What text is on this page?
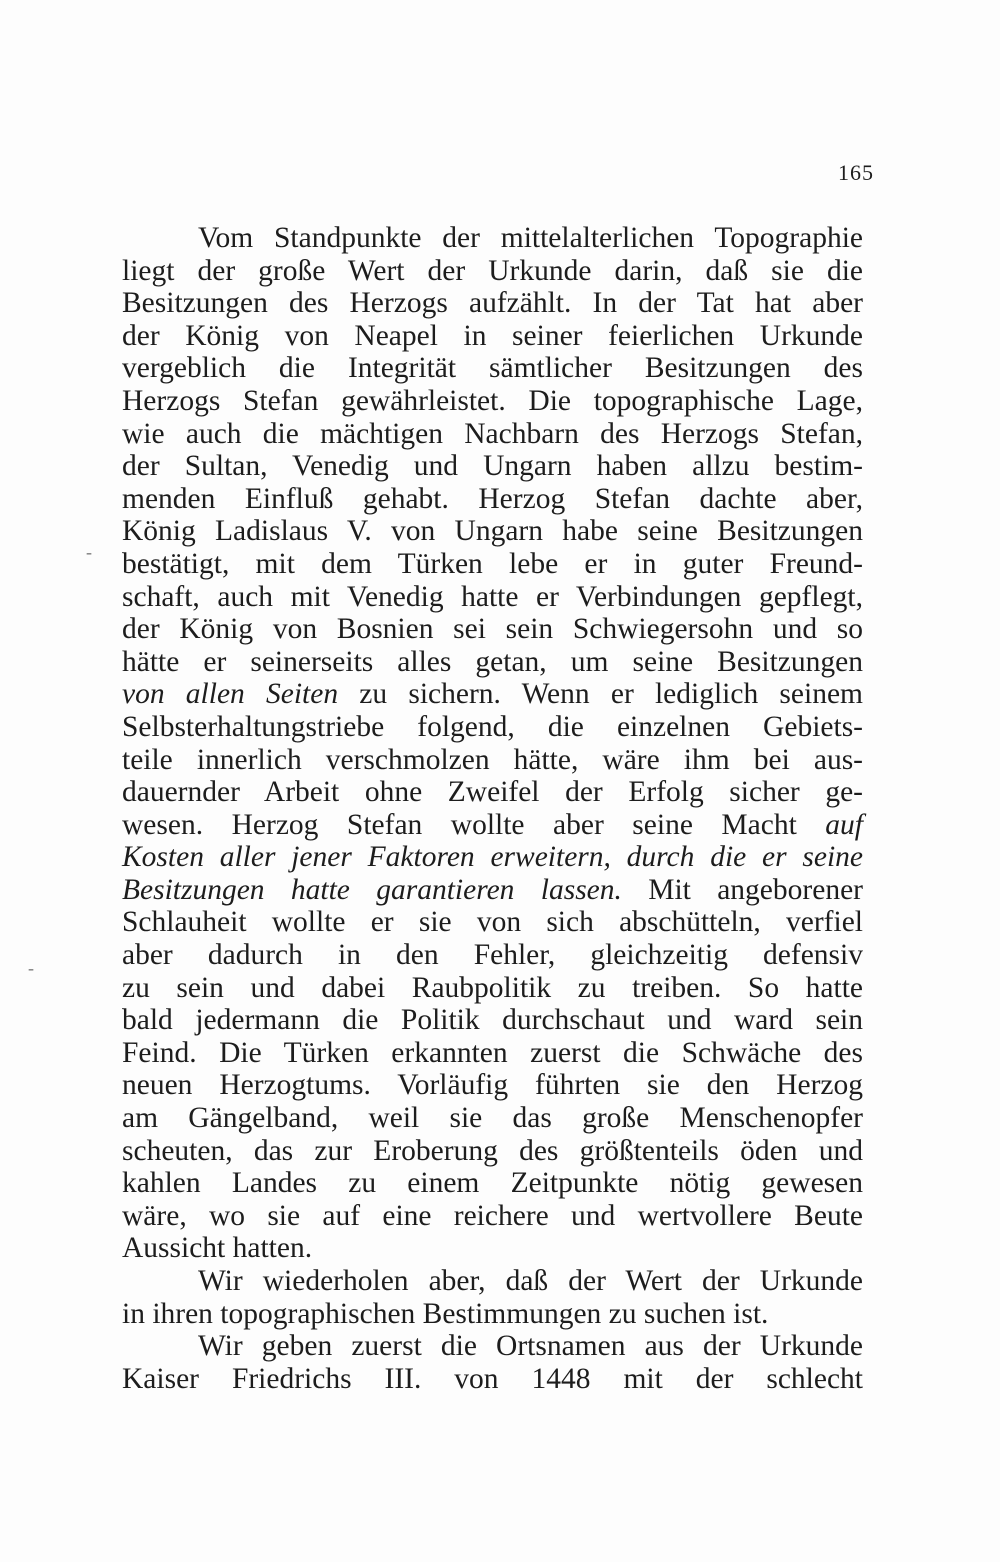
165
Vom Standpunkte der mittelalterlichen Topographie
liegt der große Wert der Urkunde darin, daß sie die
Besitzungen des Herzogs aufzählt. In der Tat hat aber
der König von Neapel in seiner feierlichen Urkunde
vergeblich die Integrität sämtlicher Besitzungen des
Herzogs Stefan gewährleistet. Die topographische Lage,
wie auch die mächtigen Nachbarn des Herzogs Stefan,
der Sultan, Venedig und Ungarn haben allzu bestim-
menden Einfluß gehabt. Herzog Stefan dachte aber,
König Ladislaus V. von Ungarn habe seine Besitzungen
bestätigt, mit dem Türken lebe er in guter Freund-
schaft, auch mit Venedig hatte er Verbindungen gepflegt,
der König von Bosnien sei sein Schwiegersohn und so
hätte er seinerseits alles getan, um seine Besitzungen
von allen Seiten zu sichern. Wenn er lediglich seinem
Selbsterhaltungstriebe folgend, die einzelnen Gebiets-
teile innerlich verschmolzen hätte, wäre ihm bei aus-
dauernder Arbeit ohne Zweifel der Erfolg sicher ge-
wesen. Herzog Stefan wollte aber seine Macht auf
Kosten aller jener Faktoren erweitern, durch die er seine
Besitzungen hatte garantieren lassen. Mit angeborener
Schlauheit wollte er sie von sich abschütteln, verfiel
aber dadurch in den Fehler, gleichzeitig defensiv
zu sein und dabei Raubpolitik zu treiben. So hatte
bald jedermann die Politik durchschaut und ward sein
Feind. Die Türken erkannten zuerst die Schwäche des
neuen Herzogtums. Vorläufig führten sie den Herzog
am Gängelband, weil sie das große Menschenopfer
scheuten, das zur Eroberung des größtenteils öden und
kahlen Landes zu einem Zeitpunkte nötig gewesen
wäre, wo sie auf eine reichere und wertvollere Beute
Aussicht hatten.
Wir wiederholen aber, daß der Wert der Urkunde
in ihren topographischen Bestimmungen zu suchen ist.
Wir geben zuerst die Ortsnamen aus der Urkunde
Kaiser Friedrichs III. von 1448 mit der schlecht
-
-
